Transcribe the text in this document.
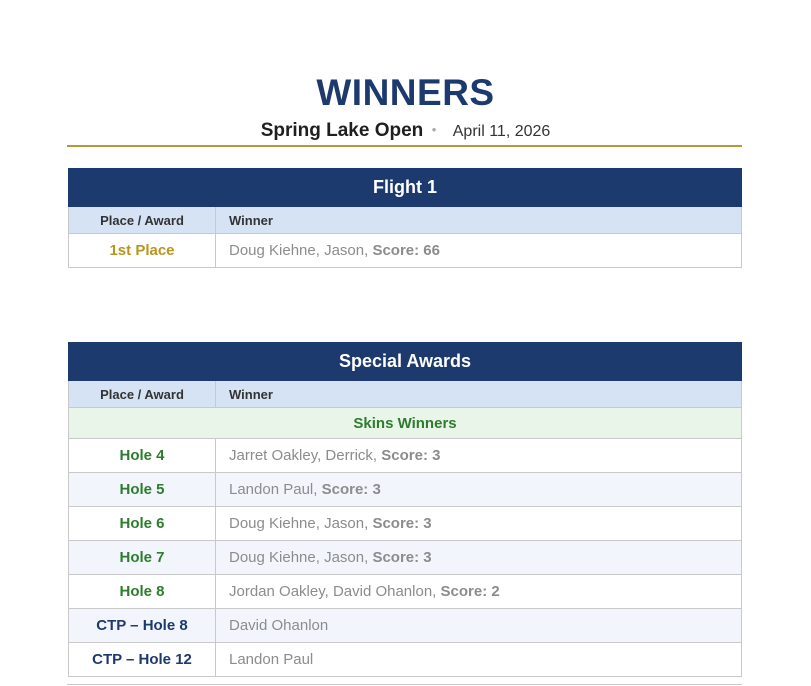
WINNERS
Spring Lake Open • April 11, 2026
Flight 1	
Place / Award	Winner
1st Place	Doug Kiehne, Jason, Score: 66
Special Awards	
Place / Award	Winner
Skins Winners	
Hole 4	Jarret Oakley, Derrick, Score: 3
Hole 5	Landon Paul, Score: 3
Hole 6	Doug Kiehne, Jason, Score: 3
Hole 7	Doug Kiehne, Jason, Score: 3
Hole 8	Jordan Oakley, David Ohanlon, Score: 2
CTP – Hole 8	David Ohanlon
CTP – Hole 12	Landon Paul
